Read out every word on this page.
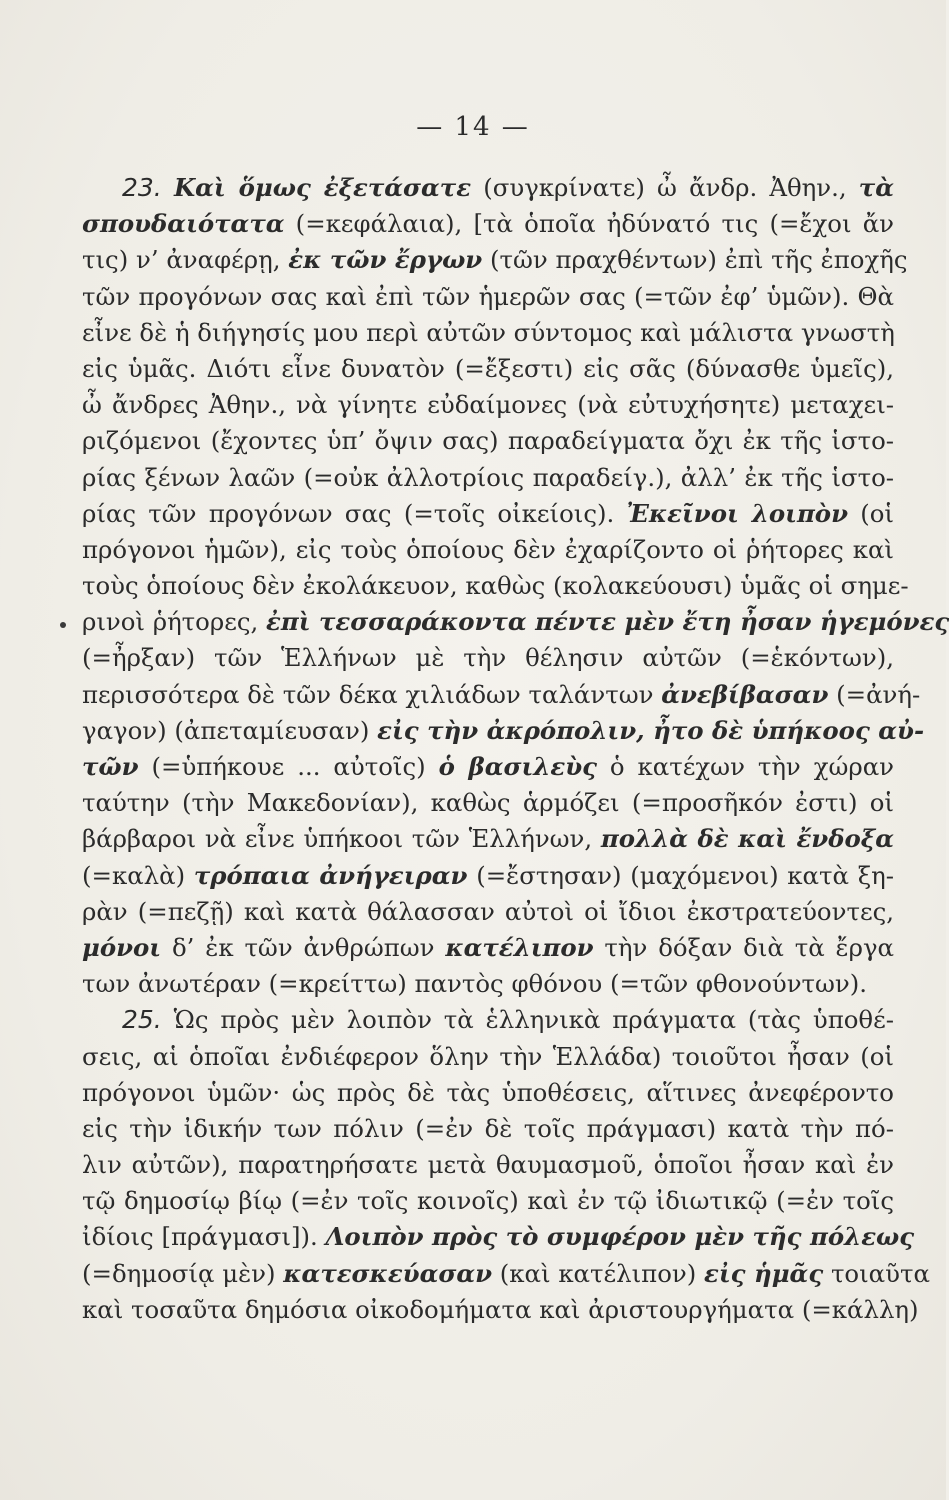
— 14 —
23. Καὶ ὅμως ἐξετάσατε (συγκρίνατε) ὦ ἄνδρ. Ἀθην., τὰ
σπουδαιότατα (=κεφάλαια), [τὰ ὁποῖα ἠδύνατό τις (=ἔχοι ἄν
τις) ν’ ἀναφέρῃ, ἐκ τῶν ἔργων (τῶν πραχθέντων) ἐπὶ τῆς ἐποχῆς
τῶν προγόνων σας καὶ ἐπὶ τῶν ἡμερῶν σας (=τῶν ἐφ’ ὑμῶν). Θὰ
εἶνε δὲ ἡ διήγησίς μου περὶ αὐτῶν σύντομος καὶ μάλιστα γνωστὴ
εἰς ὑμᾶς. Διότι εἶνε δυνατὸν (=ἔξεστι) εἰς σᾶς (δύνασθε ὑμεῖς),
ὦ ἄνδρες Ἀθην., νὰ γίνητε εὐδαίμονες (νὰ εὐτυχήσητε) μεταχει-
ριζόμενοι (ἔχοντες ὑπ’ ὄψιν σας) παραδείγματα ὄχι ἐκ τῆς ἱστο-
ρίας ξένων λαῶν (=οὐκ ἀλλοτρίοις παραδείγ.), ἀλλ’ ἐκ τῆς ἱστο-
ρίας τῶν προγόνων σας (=τοῖς οἰκείοις). Ἐκεῖνοι λοιπὸν (οἱ
πρόγονοι ἡμῶν), εἰς τοὺς ὁποίους δὲν ἐχαρίζοντο οἱ ῥήτορες καὶ
τοὺς ὁποίους δὲν ἐκολάκευον, καθὼς (κολακεύουσι) ὑμᾶς οἱ σημε-
ρινοὶ ῥήτορες, ἐπὶ τεσσαράκοντα πέντε μὲν ἔτη ἦσαν ἡγεμόνες
(=ἦρξαν) τῶν Ἑλλήνων μὲ τὴν θέλησιν αὐτῶν (=ἑκόντων),
περισσότερα δὲ τῶν δέκα χιλιάδων ταλάντων ἀνεβίβασαν (=ἀνή-
γαγον) (ἀπεταμίευσαν) εἰς τὴν ἀκρόπολιν, ἦτο δὲ ὑπήκοος αὐ-
τῶν (=ὑπήκουε ... αὐτοῖς) ὁ βασιλεὺς ὁ κατέχων τὴν χώραν
ταύτην (τὴν Μακεδονίαν), καθὼς ἁρμόζει (=προσῆκόν ἐστι) οἱ
βάρβαροι νὰ εἶνε ὑπήκοοι τῶν Ἑλλήνων, πολλὰ δὲ καὶ ἔνδοξα
(=καλὰ) τρόπαια ἀνήγειραν (=ἔστησαν) (μαχόμενοι) κατὰ ξη-
ρὰν (=πεζῇ) καὶ κατὰ θάλασσαν αὐτοὶ οἱ ἴδιοι ἐκστρατεύοντες,
μόνοι δ’ ἐκ τῶν ἀνθρώπων κατέλιπον τὴν δόξαν διὰ τὰ ἔργα
των ἀνωτέραν (=κρείττω) παντὸς φθόνου (=τῶν φθονούντων).
25. Ὡς πρὸς μὲν λοιπὸν τὰ ἑλληνικὰ πράγματα (τὰς ὑποθέ-
σεις, αἱ ὁποῖαι ἐνδιέφερον ὅλην τὴν Ἑλλάδα) τοιοῦτοι ἦσαν (οἱ
πρόγονοι ὑμῶν· ὡς πρὸς δὲ τὰς ὑποθέσεις, αἵτινες ἀνεφέροντο
εἰς τὴν ἰδικήν των πόλιν (=ἐν δὲ τοῖς πράγμασι) κατὰ τὴν πό-
λιν αὐτῶν), παρατηρήσατε μετὰ θαυμασμοῦ, ὁποῖοι ἦσαν καὶ ἐν
τῷ δημοσίῳ βίῳ (=ἐν τοῖς κοινοῖς) καὶ ἐν τῷ ἰδιωτικῷ (=ἐν τοῖς
ἰδίοις [πράγμασι]). Λοιπὸν πρὸς τὸ συμφέρον μὲν τῆς πόλεως
(=δημοσίᾳ μὲν) κατεσκεύασαν (καὶ κατέλιπον) εἰς ἡμᾶς τοιαῦτα
καὶ τοσαῦτα δημόσια οἰκοδομήματα καὶ ἀριστουργήματα (=κάλλη)
